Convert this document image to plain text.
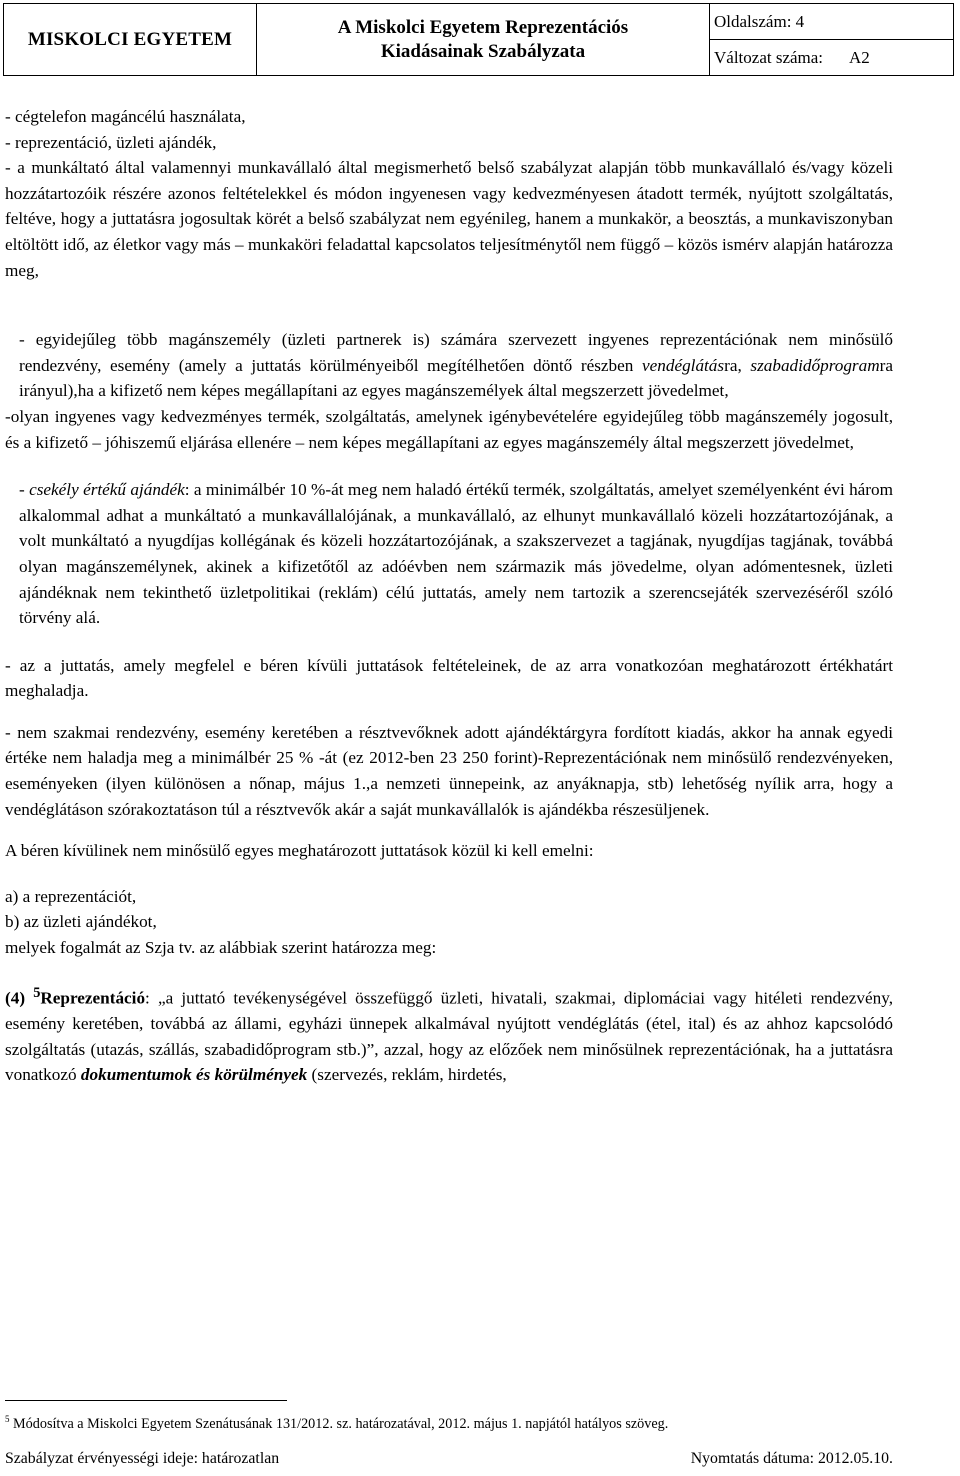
MISKOLCI EGYETEM
A Miskolci Egyetem Reprezentációs
Kiadásainak Szabályzata
Oldalszám:
4
Változat száma: A2

- cégtelefon magáncélú használata,

- reprezentáció, üzleti ajándék,

- a munkáltató által valamennyi munkavállaló által megismerhető belső szabályzat alapján több munkavállaló és/vagy közeli hozzátartozóik részére azonos feltételekkel és módon ingyenesen vagy kedvezményesen átadott termék, nyújtott szolgáltatás, feltéve, hogy a juttatásra jogosultak körét a belső szabályzat nem egyénileg, hanem a munkakör, a beosztás, a munkaviszonyban eltöltött idő, az életkor vagy más – munkaköri feladattal kapcsolatos teljesítménytől nem függő – közös ismérv alapján határozza meg,

- egyidejűleg több magánszemély (üzleti partnerek is) számára szervezett ingyenes reprezentációnak nem minősülő rendezvény, esemény (amely a juttatás körülményeiből megítélhetően döntő részben vendéglátásra, szabadidőprogramra irányul),ha a kifizető nem képes megállapítani az egyes magánszemélyek által megszerzett jövedelmet,

-olyan ingyenes vagy kedvezményes termék, szolgáltatás, amelynek igénybevételére egyidejűleg több magánszemély jogosult, és a kifizető – jóhiszemű eljárása ellenére – nem képes megállapítani az egyes magánszemély által megszerzett jövedelmet,

- csekély értékű ajándék: a minimálbér 10 %-át meg nem haladó értékű termék, szolgáltatás, amelyet személyenként évi három alkalommal adhat a munkáltató a munkavállalójának, a munkavállaló, az elhunyt munkavállaló közeli hozzátartozójának, a volt munkáltató a nyugdíjas kollégának és közeli hozzátartozójának, a szakszervezet a tagjának, nyugdíjas tagjának, továbbá olyan magánszemélynek, akinek a kifizetőtől az adóévben nem származik más jövedelme, olyan adómentesnek, üzleti ajándéknak nem tekinthető üzletpolitikai (reklám) célú juttatás, amely nem tartozik a szerencsejáték szervezéséről szóló törvény alá.

- az a juttatás, amely megfelel e béren kívüli juttatások feltételeinek, de az arra vonatkozóan meghatározott értékhatárt meghaladja.

- nem szakmai rendezvény, esemény keretében a résztvevőknek adott ajándéktárgyra fordított kiadás, akkor ha annak egyedi értéke nem haladja meg a minimálbér 25 % -át (ez 2012-ben 23 250 forint)-Reprezentációnak nem minősülő rendezvényeken, eseményeken (ilyen különösen a nőnap, május 1.,a nemzeti ünnepeink, az anyáknapja, stb) lehetőség nyílik arra, hogy a vendéglátáson szórakoztatáson túl a résztvevők akár a saját munkavállalók is ajándékba részesüljenek.

A béren kívülinek nem minősülő egyes meghatározott juttatások közül ki kell emelni:

a) a reprezentációt,

b) az üzleti ajándékot,

melyek fogalmát az Szja tv. az alábbiak szerint határozza meg:

(4) $^5$Reprezentáció: „a juttató tevékenységével összefüggő üzleti, hivatali, szakmai, diplomáciai vagy hitéleti rendezvény, esemény keretében, továbbá az állami, egyházi ünnepek alkalmával nyújtott vendéglátás (étel, ital) és az ahhoz kapcsolódó szolgáltatás (utazás, szállás, szabadidőprogram stb.)”, azzal, hogy az előzőek nem minősülnek reprezentációnak, ha a juttatásra vonatkozó dokumentumok és körülmények (szervezés, reklám, hirdetés,

$^5$ Módosítva a Miskolci Egyetem Szenátusának 131/2012. sz. határozatával, 2012. május 1. napjától hatályos szöveg.
Szabályzat érvényességi ideje: határozatlan	Nyomtatás dátuma: 2012.05.10.
